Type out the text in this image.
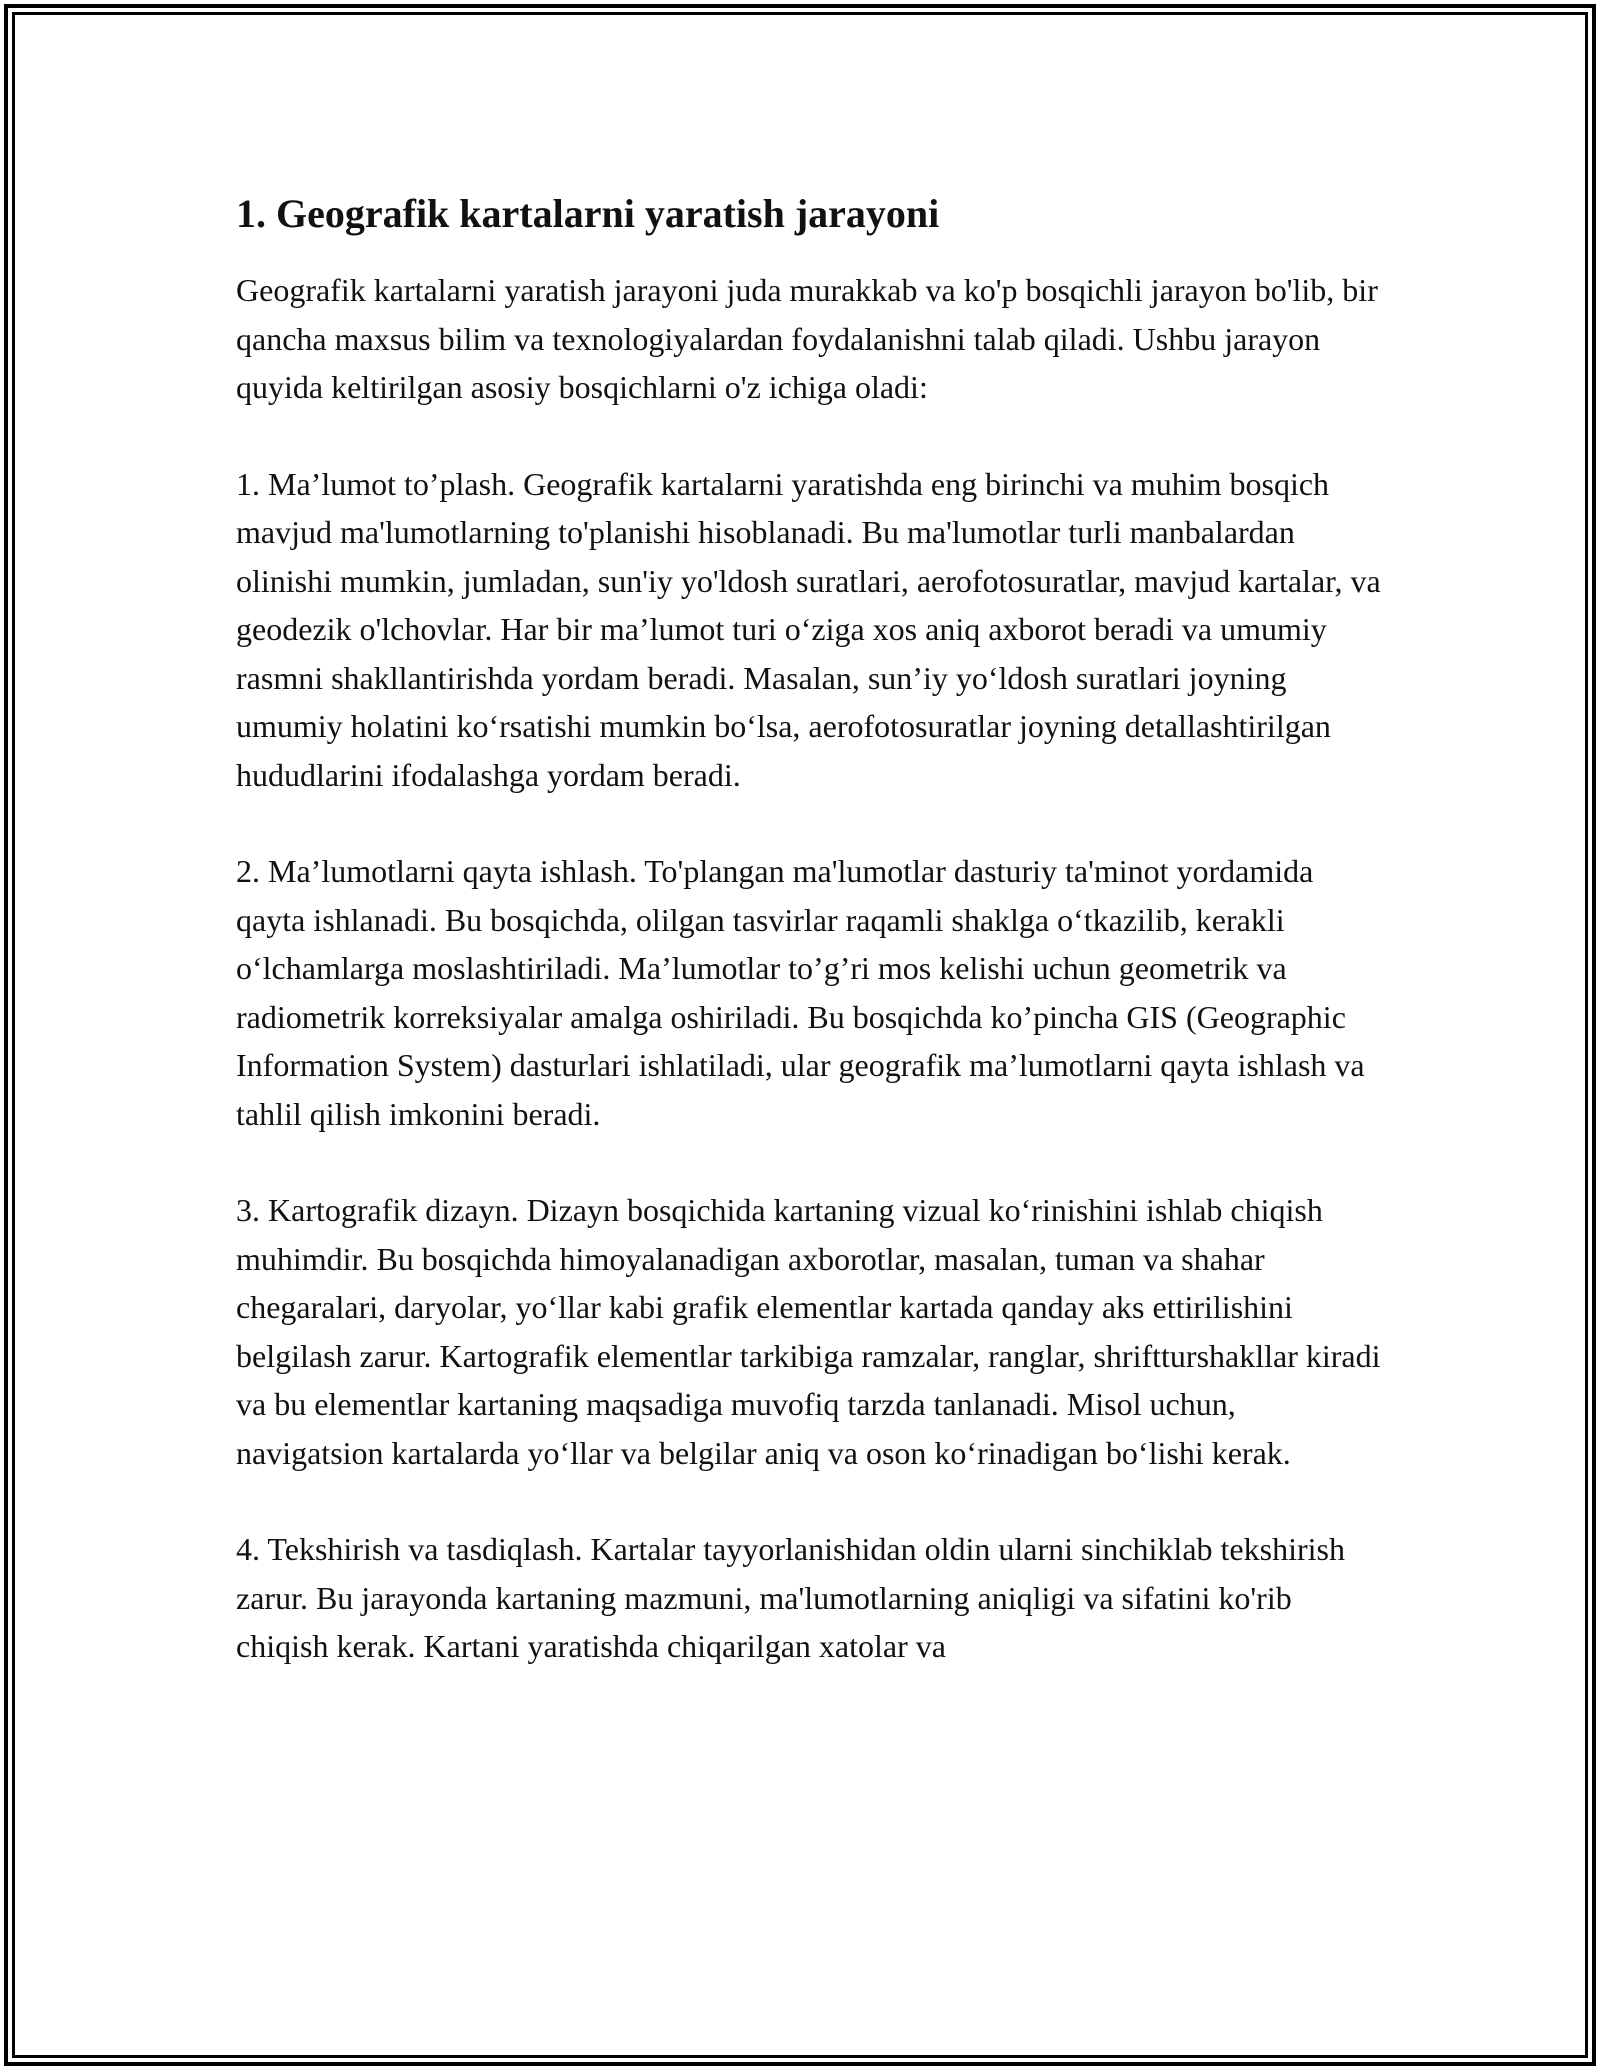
1. Geografik kartalarni yaratish jarayoni

Geografik kartalarni yaratish jarayoni juda murakkab va ko'p bosqichli jarayon bo'lib, bir qancha maxsus bilim va texnologiyalardan foydalanishni talab qiladi. Ushbu jarayon quyida keltirilgan asosiy bosqichlarni o'z ichiga oladi:

1. Ma’lumot to’plash. Geografik kartalarni yaratishda eng birinchi va muhim bosqich mavjud ma'lumotlarning to'planishi hisoblanadi. Bu ma'lumotlar turli manbalardan olinishi mumkin, jumladan, sun'iy yo'ldosh suratlari, aerofotosuratlar, mavjud kartalar, va geodezik o'lchovlar. Har bir ma’lumot turi o‘ziga xos aniq axborot beradi va umumiy rasmni shakllantirishda yordam beradi. Masalan, sun’iy yo‘ldosh suratlari joyning umumiy holatini ko‘rsatishi mumkin bo‘lsa, aerofotosuratlar joyning detallashtirilgan hududlarini ifodalashga yordam beradi.

2. Ma’lumotlarni qayta ishlash. To'plangan ma'lumotlar dasturiy ta'minot yordamida qayta ishlanadi. Bu bosqichda, olilgan tasvirlar raqamli shaklga o‘tkazilib, kerakli o‘lchamlarga moslashtiriladi. Ma’lumotlar to’g’ri mos kelishi uchun geometrik va radiometrik korreksiyalar amalga oshiriladi. Bu bosqichda ko’pincha GIS (Geographic Information System) dasturlari ishlatiladi, ular geografik ma’lumotlarni qayta ishlash va tahlil qilish imkonini beradi.

3. Kartografik dizayn. Dizayn bosqichida kartaning vizual ko‘rinishini ishlab chiqish muhimdir. Bu bosqichda himoyalanadigan axborotlar, masalan, tuman va shahar chegaralari, daryolar, yo‘llar kabi grafik elementlar kartada qanday aks ettirilishini belgilash zarur. Kartografik elementlar tarkibiga ramzalar, ranglar, shriftturshakllar kiradi va bu elementlar kartaning maqsadiga muvofiq tarzda tanlanadi. Misol uchun, navigatsion kartalarda yo‘llar va belgilar aniq va oson ko‘rinadigan bo‘lishi kerak.

4. Tekshirish va tasdiqlash. Kartalar tayyorlanishidan oldin ularni sinchiklab tekshirish zarur. Bu jarayonda kartaning mazmuni, ma'lumotlarning aniqligi va sifatini ko'rib chiqish kerak. Kartani yaratishda chiqarilgan xatolar va
